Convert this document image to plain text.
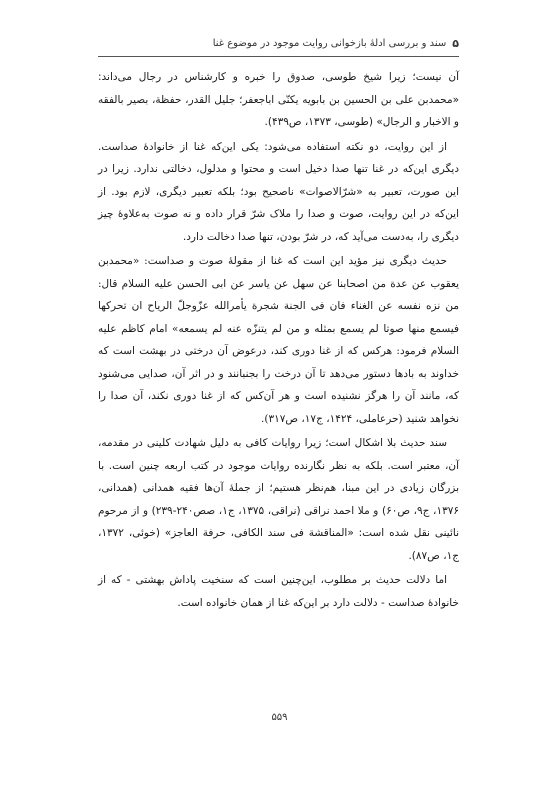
۵
سند و بررسی ادلهٔ بازخوانی روایت موجود در موضوع غنا

آن نیست؛ زیرا شیخ طوسی، صدوق را خبره و کارشناس در رجال می‌داند: «محمدبن علی بن الحسین بن بابویه یکنّی اباجعفر؛ جلیل القدر، حفظة، بصیر بالفقه و الاخبار و الرجال» (طوسی، ۱۳۷۳، ص۴۳۹).

از این روایت، دو نکته استفاده می‌شود: یکی این‌که غنا از خانوادهٔ صداست. دیگری این‌که در غنا تنها صدا دخیل است و محتوا و مدلول، دخالتی ندارد. زیرا در این صورت، تعبیر به «شرّالاصوات» ناصحیح بود؛ بلکه تعبیر دیگری، لازم بود. از این‌که در این روایت، صوت و صدا را ملاک شرّ قرار داده و نه صوت به‌علاوهٔ چیز دیگری را، به‌دست می‌آید که، در شرّ بودن، تنها صدا دخالت دارد.

حدیث دیگری نیز مؤید این است که غنا از مقولهٔ صوت و صداست: «محمدبن یعقوب عن عدة من اصحابنا عن سهل عن یاسر عن ابی الحسن علیه السلام قال: من نزه نفسه عن الغناء فان فی الجنة شجرة یأمرالله عزّوجلّ الریاح ان تحرکها فیسمع منها صوتا لم یسمع بمثله و من لم یتنزّه عنه لم یسمعه» امام کاظم علیه السلام فرمود: هرکس که از غنا دوری کند، درعوض آن درختی در بهشت است که خداوند به بادها دستور می‌دهد تا آن درخت را بجنبانند و در اثر آن، صدایی می‌شنود که، مانند آن را هرگز نشنیده است و هر آن‌کس که از غنا دوری نکند، آن صدا را نخواهد شنید (حرعاملی، ۱۴۲۴، ج۱۷، ص۳۱۷).

سند حدیث بلا اشکال است؛ زیرا روایات کافی به دلیل شهادت کلینی در مقدمه، آن، معتبر است. بلکه به نظر نگارنده روایات موجود در کتب اربعه چنین است. با بزرگان زیادی در این مبنا، هم‌نظر هستیم؛ از جملهٔ آن‌ها فقیه همدانی (همدانی، ۱۳۷۶، ج۹، ص۶۰) و ملا احمد نراقی (نراقی، ۱۳۷۵، ج۱، صص۲۴۰-۲۳۹) و از مرحوم نائینی نقل شده است: «المناقشة فی سند الکافی، حرفة العاجز» (خوئی، ۱۳۷۲، ج۱، ص۸۷).

اما دلالت حدیث بر مطلوب، این‌چنین است که سنخیت پاداش بهشتی - که از خانوادهٔ صداست - دلالت دارد بر این‌که غنا از همان خانواده است.

۵۵۹
